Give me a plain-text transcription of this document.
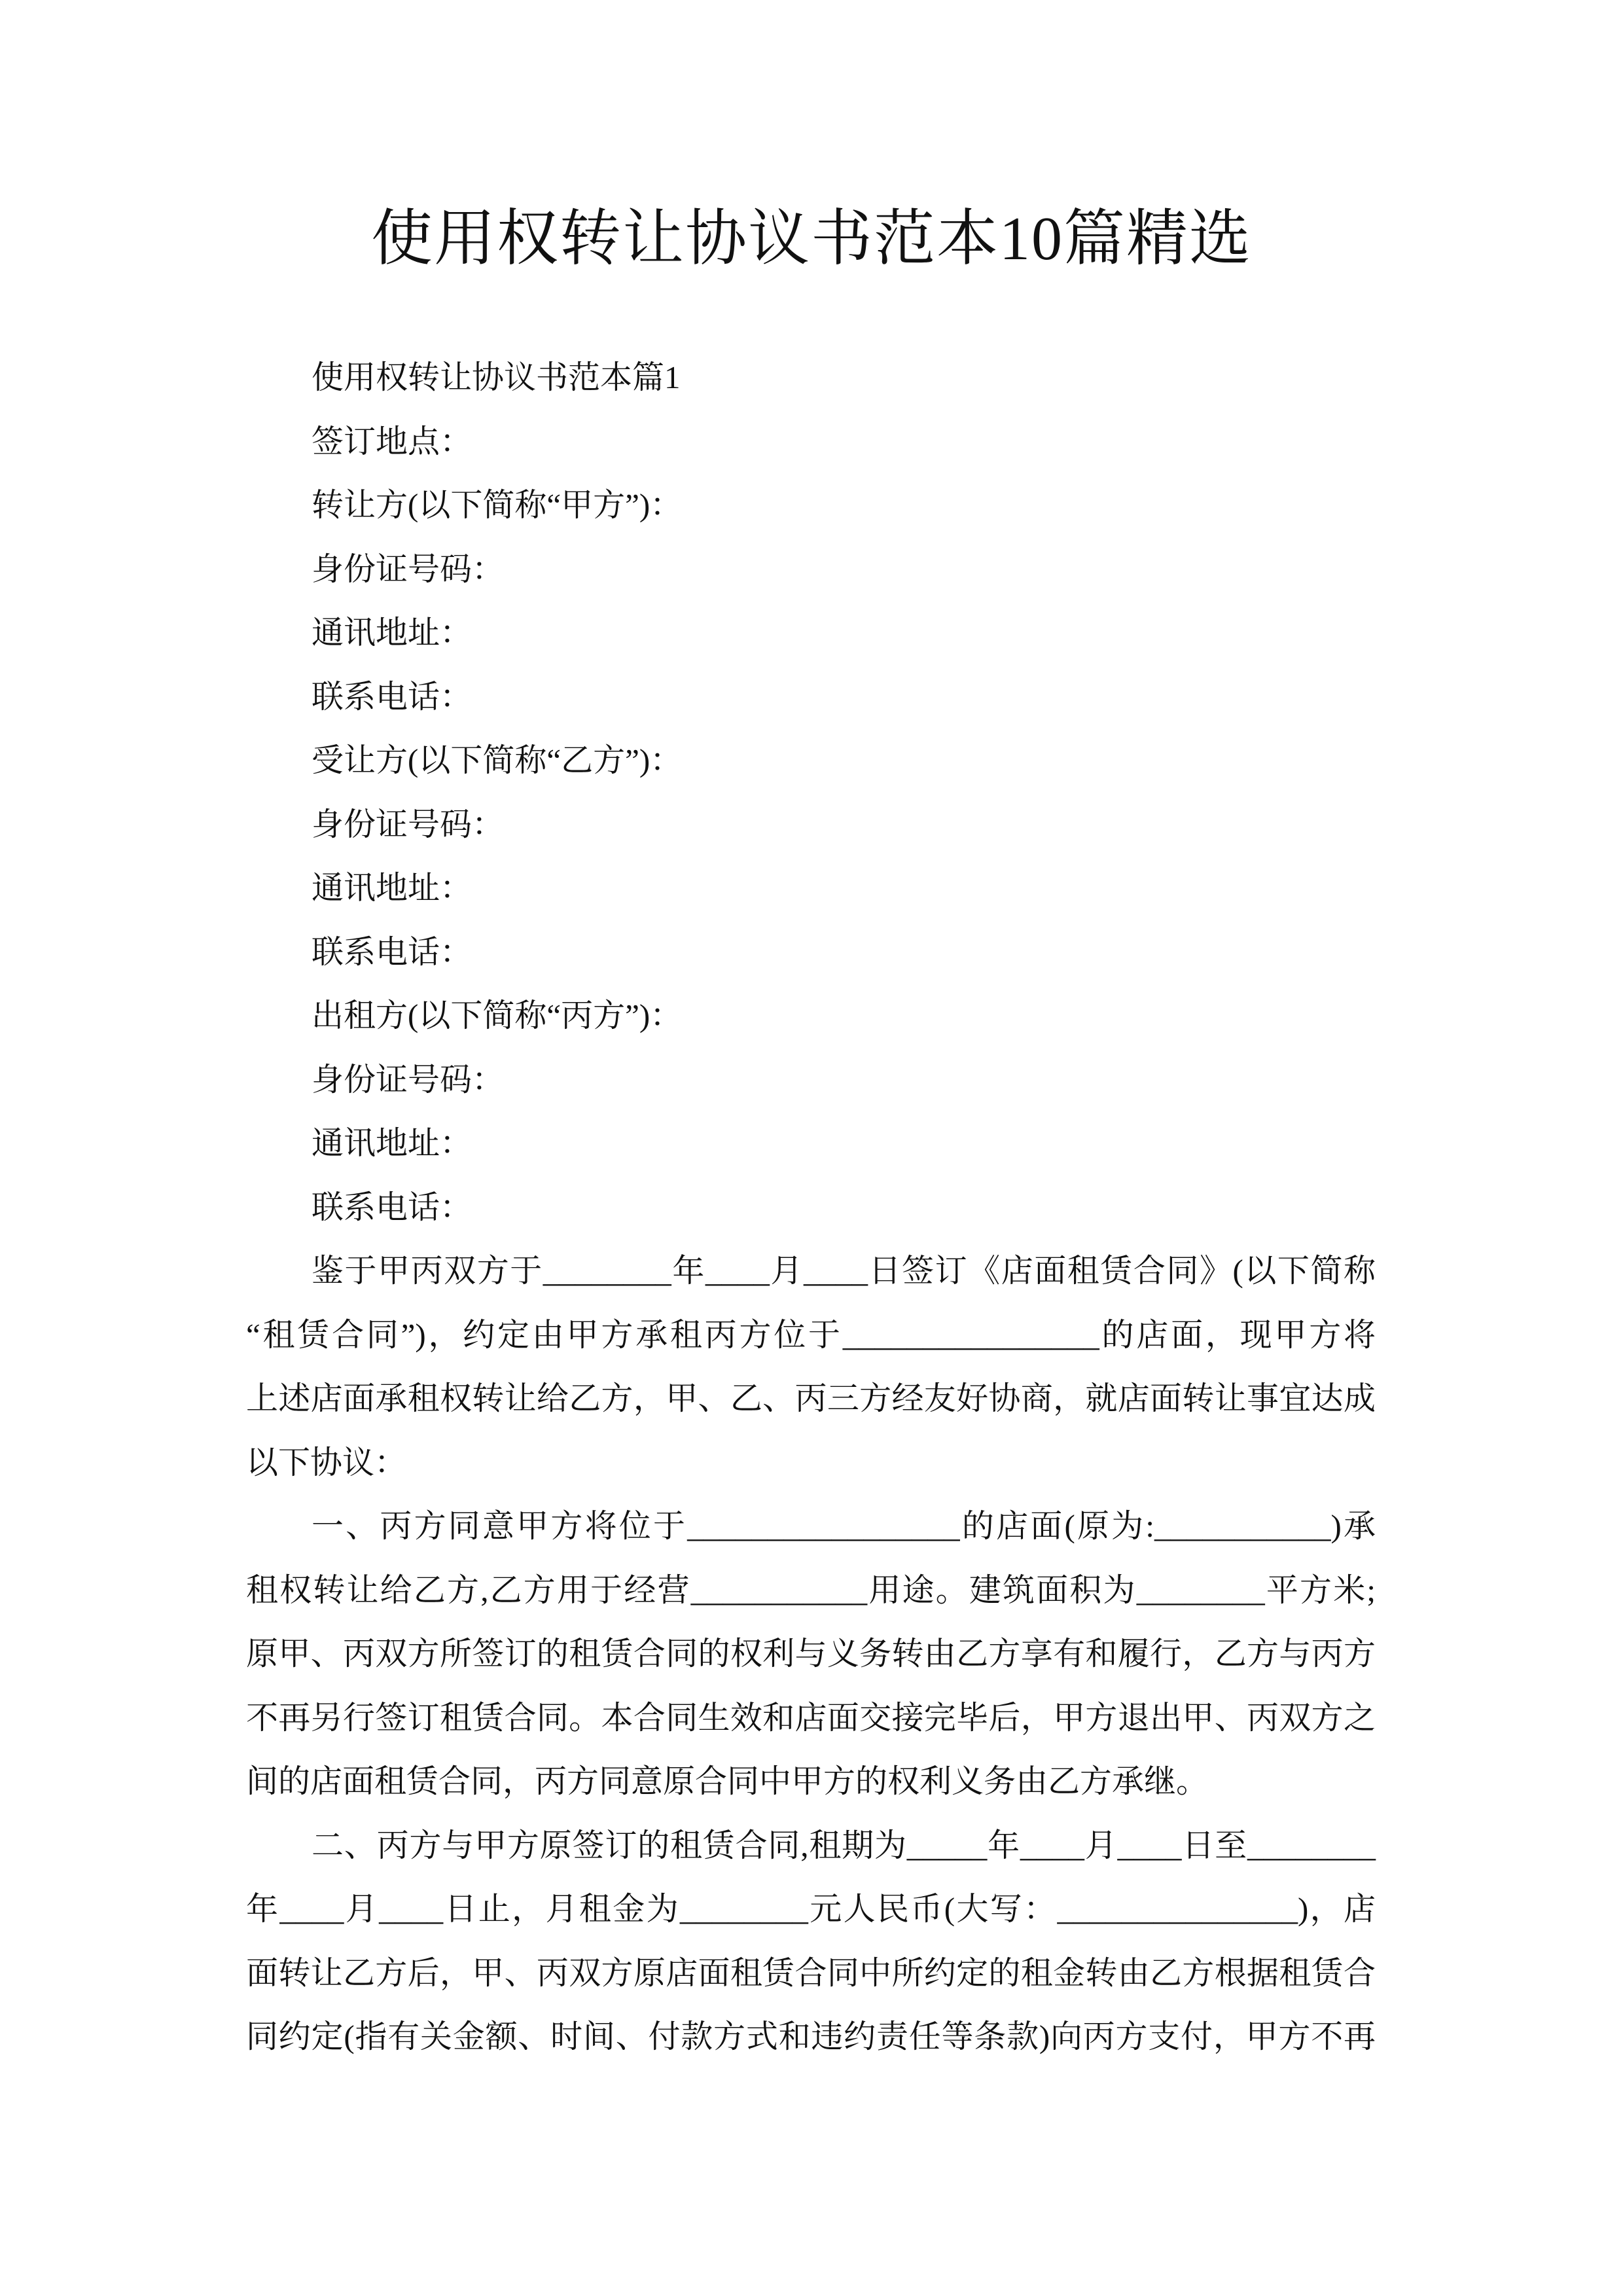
使用权转让协议书范本10篇精选
使用权转让协议书范本篇1
签订地点：
转让方(以下简称“甲方”)：
身份证号码：
通讯地址：
联系电话：
受让方(以下简称“乙方”)：
身份证号码：
通讯地址：
联系电话：
出租方(以下简称“丙方”)：
身份证号码：
通讯地址：
联系电话：
鉴于甲丙双方于________年____月____日签订《店面租赁合同》(以下简称
“租赁合同”)，约定由甲方承租丙方位于________________的店面，现甲方将
上述店面承租权转让给乙方，甲、乙、丙三方经友好协商，就店面转让事宜达成
以下协议：
一、丙方同意甲方将位于_________________的店面(原为:___________)承
租权转让给乙方,乙方用于经营___________用途。建筑面积为________平方米;
原甲、丙双方所签订的租赁合同的权利与义务转由乙方享有和履行，乙方与丙方
不再另行签订租赁合同。本合同生效和店面交接完毕后，甲方退出甲、丙双方之
间的店面租赁合同，丙方同意原合同中甲方的权利义务由乙方承继。
二、丙方与甲方原签订的租赁合同,租期为_____年____月____日至________
年____月____日止，月租金为________元人民币(大写：_______________)，店
面转让乙方后，甲、丙双方原店面租赁合同中所约定的租金转由乙方根据租赁合
同约定(指有关金额、时间、付款方式和违约责任等条款)向丙方支付，甲方不再
